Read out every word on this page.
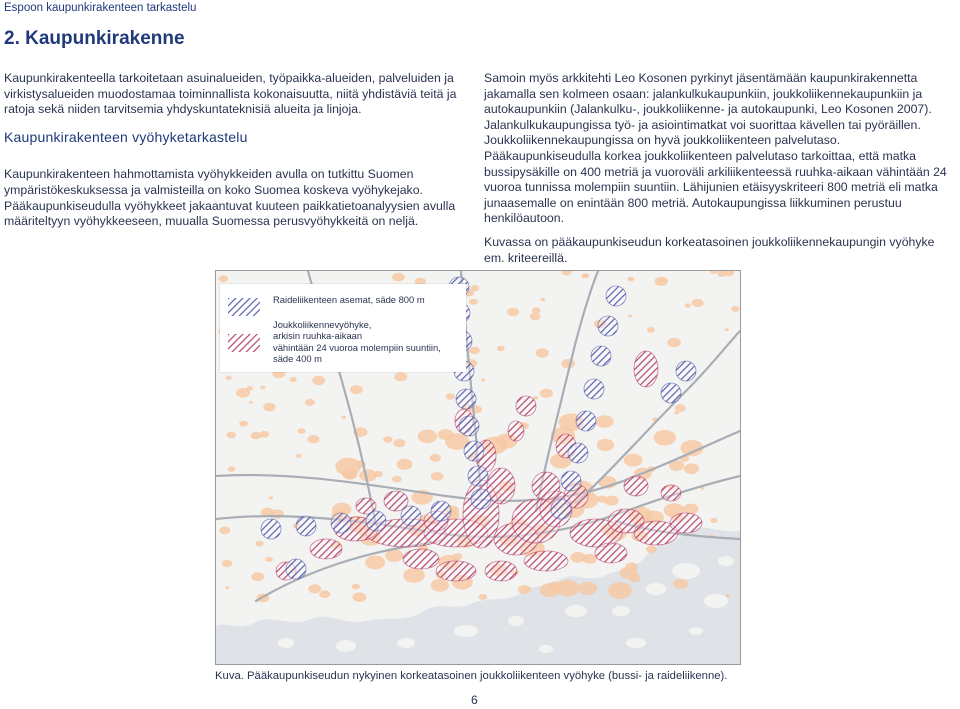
Espoon kaupunkirakenteen tarkastelu
2. Kaupunkirakenne

Kaupunkirakenteella tarkoitetaan asuinalueiden, työpaikka-alueiden, palveluiden ja virkistysalueiden muodostamaa toiminnallista kokonaisuutta, niitä yhdistäviä teitä ja ratoja sekä niiden tarvitsemia yhdyskuntateknisiä alueita ja linjoja.

Kaupunkirakenteen vyöhyketarkastelu

Kaupunkirakenteen hahmottamista vyöhykkeiden avulla on tutkittu Suomen ympäristökeskuksessa ja valmisteilla on koko Suomea koskeva vyöhykejako. Pääkaupunkiseudulla vyöhykkeet jakaantuvat kuuteen paikkatietoanalyysien avulla määriteltyyn vyöhykkeeseen, muualla Suomessa perusvyöhykkeitä on neljä.

Samoin myös arkkitehti Leo Kosonen pyrkinyt jäsentämään kaupunkirakennetta jakamalla sen kolmeen osaan: jalankulkukaupunkiin, joukkoliikennekaupunkiin ja autokaupunkiin (Jalankulku-, joukkoliikenne- ja autokaupunki, Leo Kosonen 2007). Jalankulkukaupungissa työ- ja asiointimatkat voi suorittaa kävellen tai pyöräillen. Joukkoliikennekaupungissa on hyvä joukkoliikenteen palvelutaso. Pääkaupunkiseudulla korkea joukkoliikenteen palvelutaso tarkoittaa, että matka bussipysäkille on 400 metriä ja vuoroväli arkiliikenteessä ruuhka-aikaan vähintään 24 vuoroa tunnissa molempiin suuntiin. Lähijunien etäisyyskriteeri 800 metriä eli matka junaasemalle on enintään 800 metriä. Autokaupungissa liikkuminen perustuu henkilöautoon.

Kuvassa on pääkaupunkiseudun korkeatasoinen joukkoliikennekaupungin vyöhyke em. kriteereillä.

Raideliikenteen asemat, säde 800 m
Joukkoliikennevyöhyke,
arkisin ruuhka-aikaan
vähintään 24 vuoroa molempiin suuntiin,
säde 400 m
Kuva. Pääkaupunkiseudun nykyinen korkeatasoinen joukkoliikenteen vyöhyke (bussi- ja raideliikenne).
6
